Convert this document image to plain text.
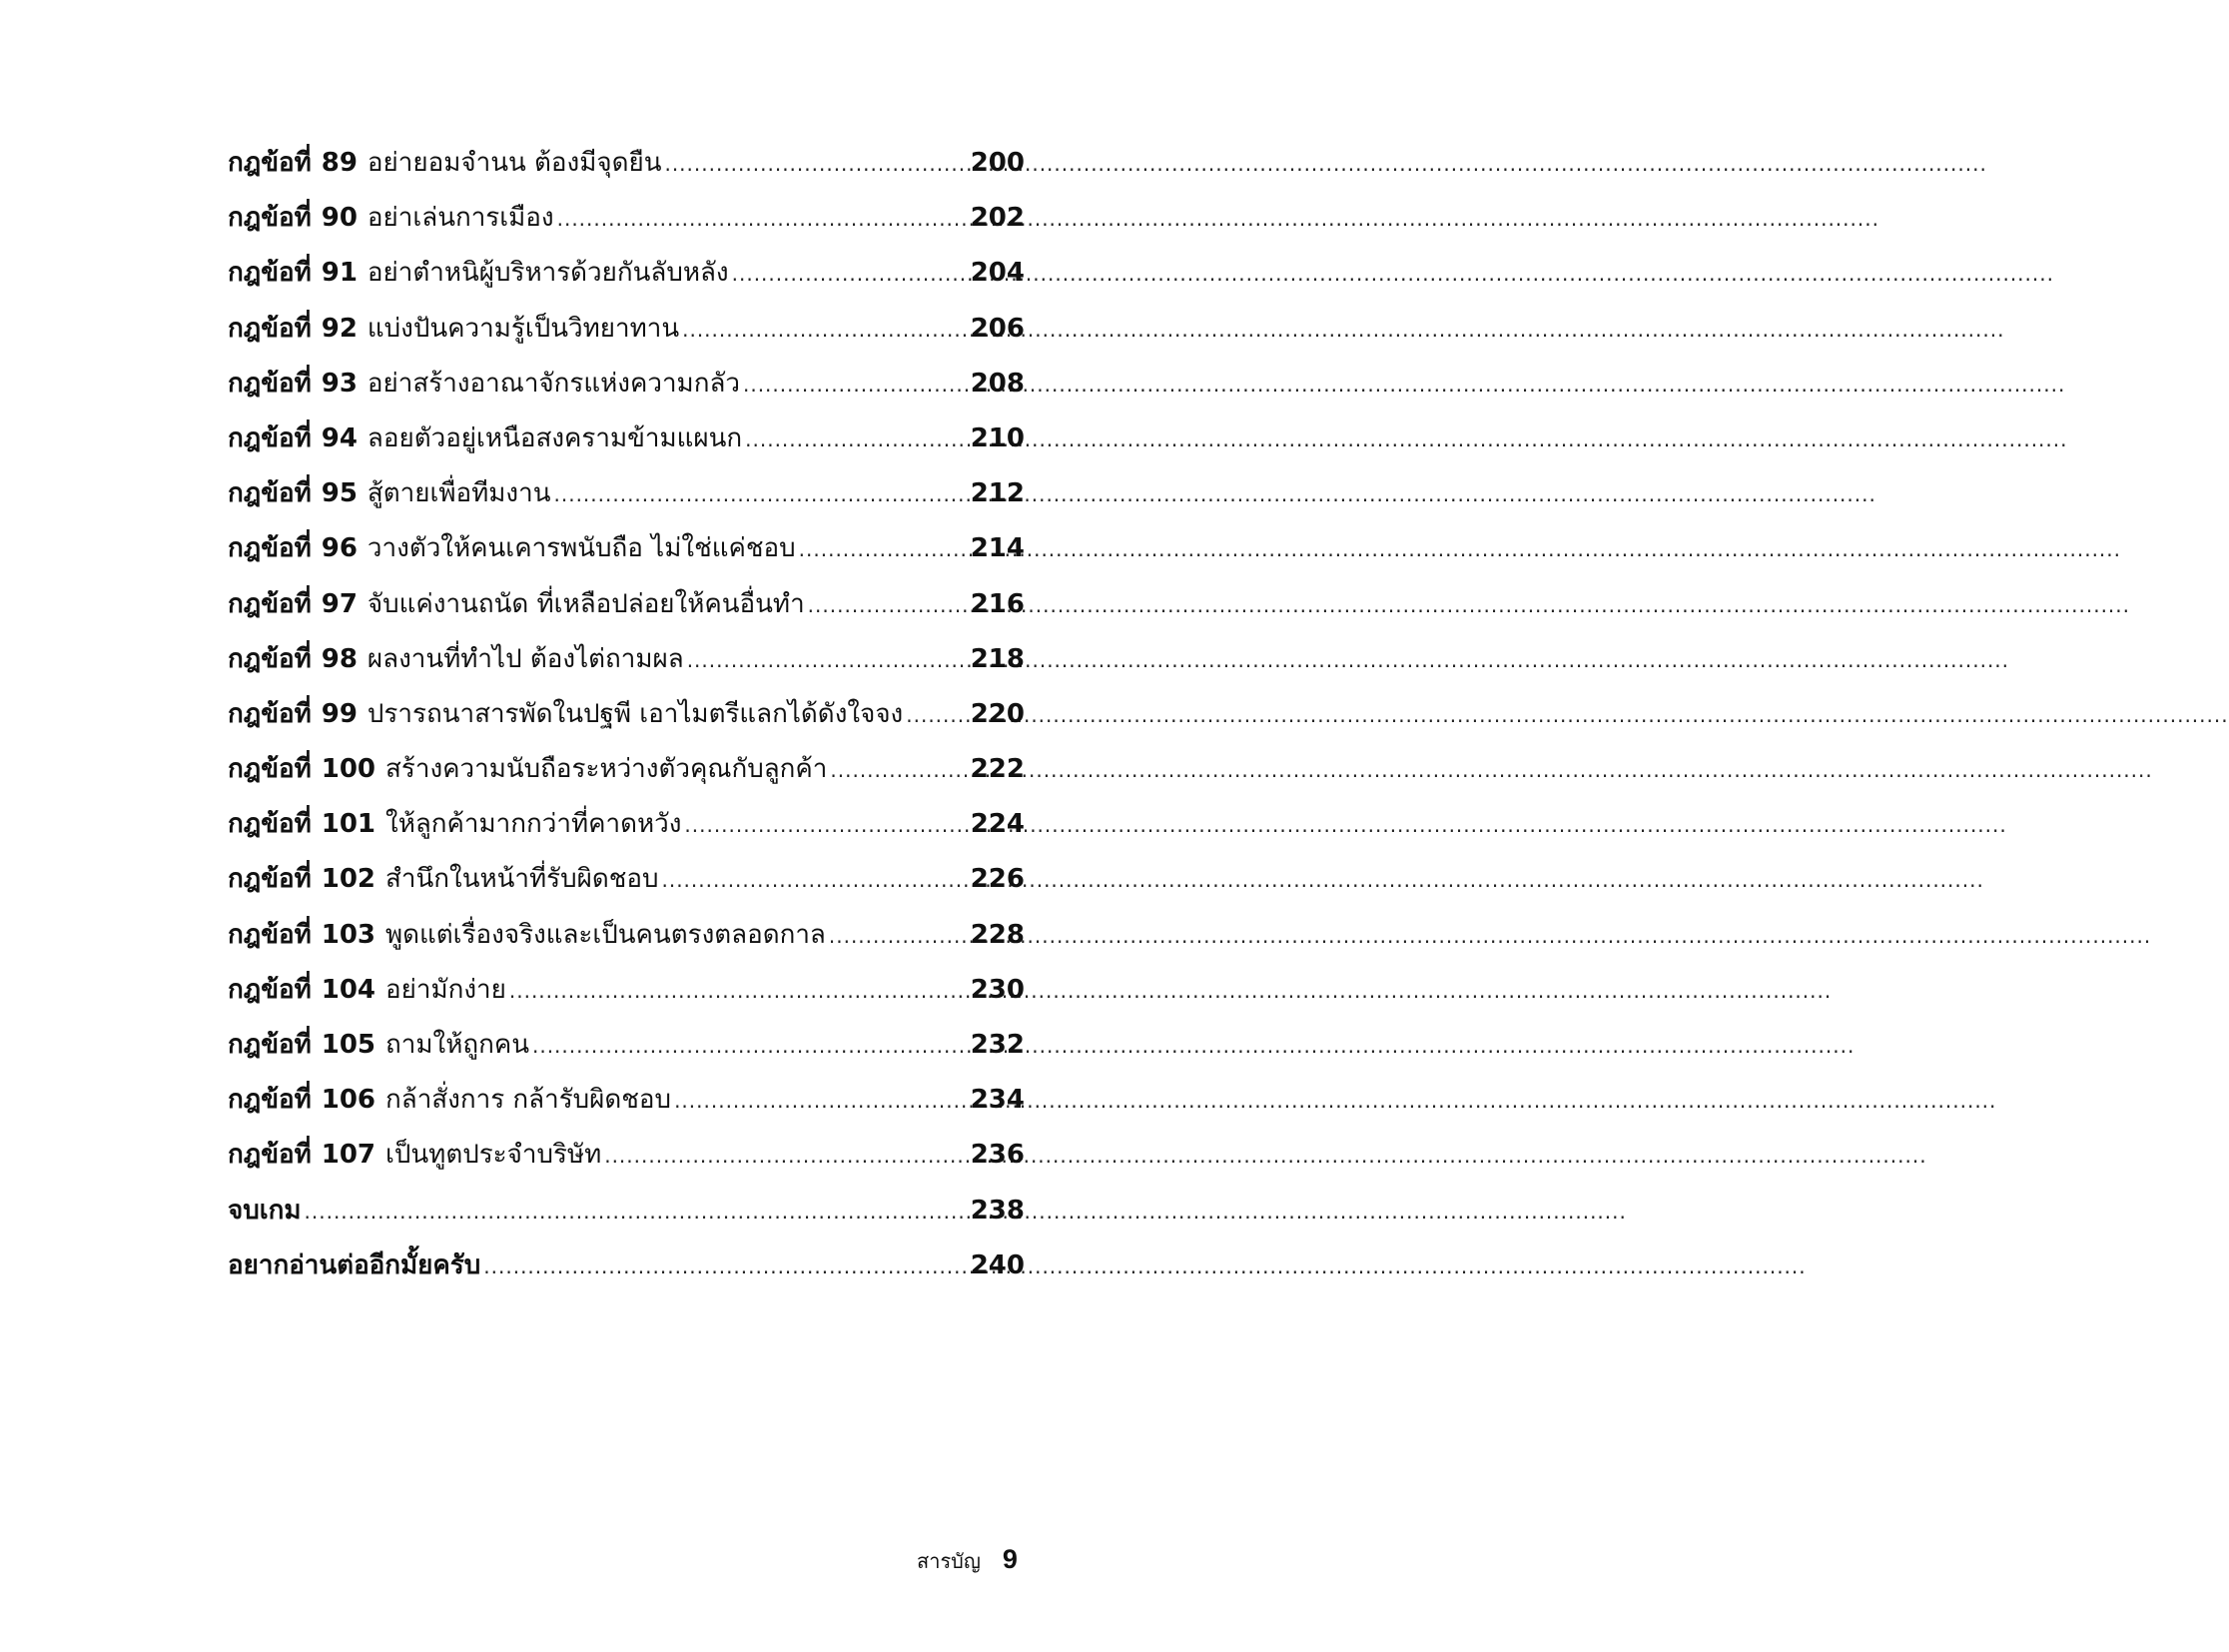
กฎข้อที่ 89 อย่ายอมจำนน ต้องมีจุดยืน .....	200
กฎข้อที่ 90 อย่าเล่นการเมือง .....	202
กฎข้อที่ 91 อย่าตำหนิผู้บริหารด้วยกันลับหลัง .....	204
กฎข้อที่ 92 แบ่งปันความรู้เป็นวิทยาทาน .....	206
กฎข้อที่ 93 อย่าสร้างอาณาจักรแห่งความกลัว .....	208
กฎข้อที่ 94 ลอยตัวอยู่เหนือสงครามข้ามแผนก .....	210
กฎข้อที่ 95 สู้ตายเพื่อทีมงาน .....	212
กฎข้อที่ 96 วางตัวให้คนเคารพนับถือ ไม่ใช่แค่ชอบ .....	214
กฎข้อที่ 97 จับแค่งานถนัด ที่เหลือปล่อยให้คนอื่นทำ .....	216
กฎข้อที่ 98 ผลงานที่ทำไป ต้องไต่ถามผล .....	218
กฎข้อที่ 99 ปรารถนาสารพัดในปฐพี เอาไมตรีแลกได้ดังใจจง .....	220
กฎข้อที่ 100 สร้างความนับถือระหว่างตัวคุณกับลูกค้า .....	222
กฎข้อที่ 101 ให้ลูกค้ามากกว่าที่คาดหวัง .....	224
กฎข้อที่ 102 สำนึกในหน้าที่รับผิดชอบ .....	226
กฎข้อที่ 103 พูดแต่เรื่องจริงและเป็นคนตรงตลอดกาล .....	228
กฎข้อที่ 104 อย่ามักง่าย .....	230
กฎข้อที่ 105 ถามให้ถูกคน .....	232
กฎข้อที่ 106 กล้าสั่งการ กล้ารับผิดชอบ .....	234
กฎข้อที่ 107 เป็นทูตประจำบริษัท .....	236
จบเกม .....	238
อยากอ่านต่ออีกมั้ยครับ .....	240
สารบัญ 9
